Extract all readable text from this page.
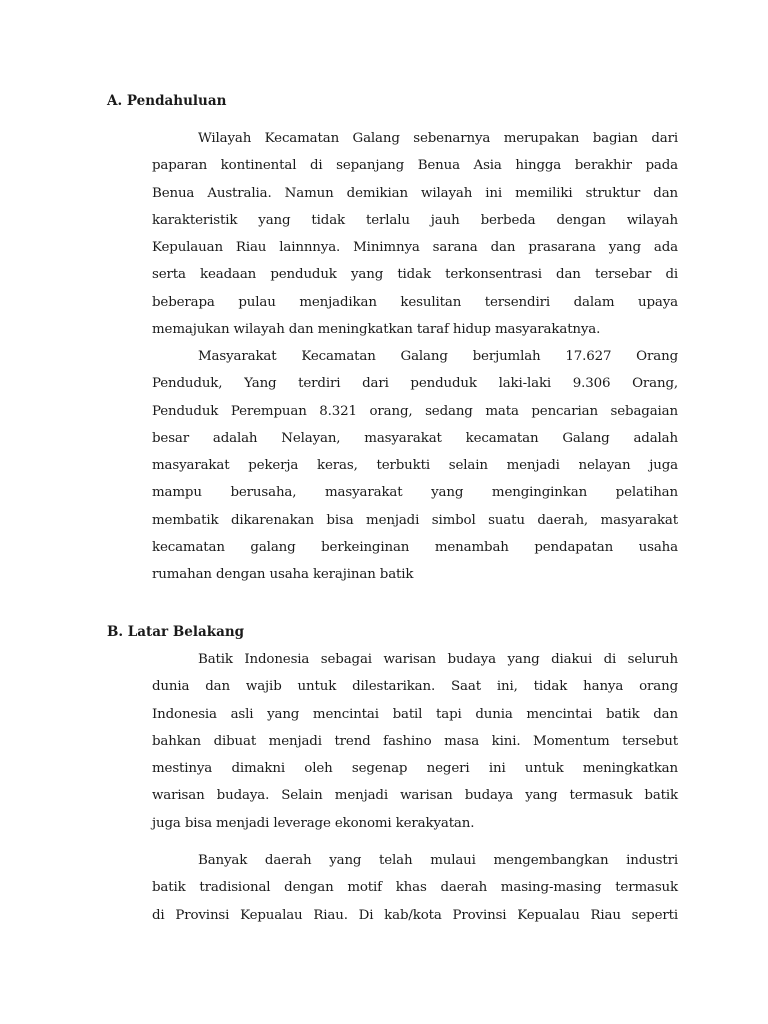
A. Pendahuluan
Wilayah Kecamatan Galang sebenarnya merupakan bagian dari
paparan kontinental di sepanjang Benua Asia hingga berakhir pada
Benua Australia. Namun demikian wilayah ini memiliki struktur dan
karakteristik yang tidak terlalu jauh berbeda dengan wilayah
Kepulauan Riau lainnnya. Minimnya sarana dan prasarana yang ada
serta keadaan penduduk yang tidak terkonsentrasi dan tersebar di
beberapa pulau menjadikan kesulitan tersendiri dalam upaya
memajukan wilayah dan meningkatkan taraf hidup masyarakatnya.
Masyarakat Kecamatan Galang berjumlah 17.627 Orang
Penduduk, Yang terdiri dari penduduk laki-laki 9.306 Orang,
Penduduk Perempuan 8.321 orang, sedang mata pencarian sebagaian
besar adalah Nelayan, masyarakat kecamatan Galang adalah
masyarakat pekerja keras, terbukti selain menjadi nelayan juga
mampu berusaha, masyarakat yang menginginkan pelatihan
membatik dikarenakan bisa menjadi simbol suatu daerah, masyarakat
kecamatan galang berkeinginan menambah pendapatan usaha
rumahan dengan usaha kerajinan batik
B. Latar Belakang
Batik Indonesia sebagai warisan budaya yang diakui di seluruh
dunia dan wajib untuk dilestarikan. Saat ini, tidak hanya orang
Indonesia asli yang mencintai batil tapi dunia mencintai batik dan
bahkan dibuat menjadi trend fashino masa kini. Momentum tersebut
mestinya dimakni oleh segenap negeri ini untuk meningkatkan
warisan budaya. Selain menjadi warisan budaya yang termasuk batik
juga bisa menjadi leverage ekonomi kerakyatan.
Banyak daerah yang telah mulaui mengembangkan industri
batik tradisional dengan motif khas daerah masing-masing termasuk
di Provinsi Kepualau Riau. Di kab/kota Provinsi Kepualau Riau seperti
